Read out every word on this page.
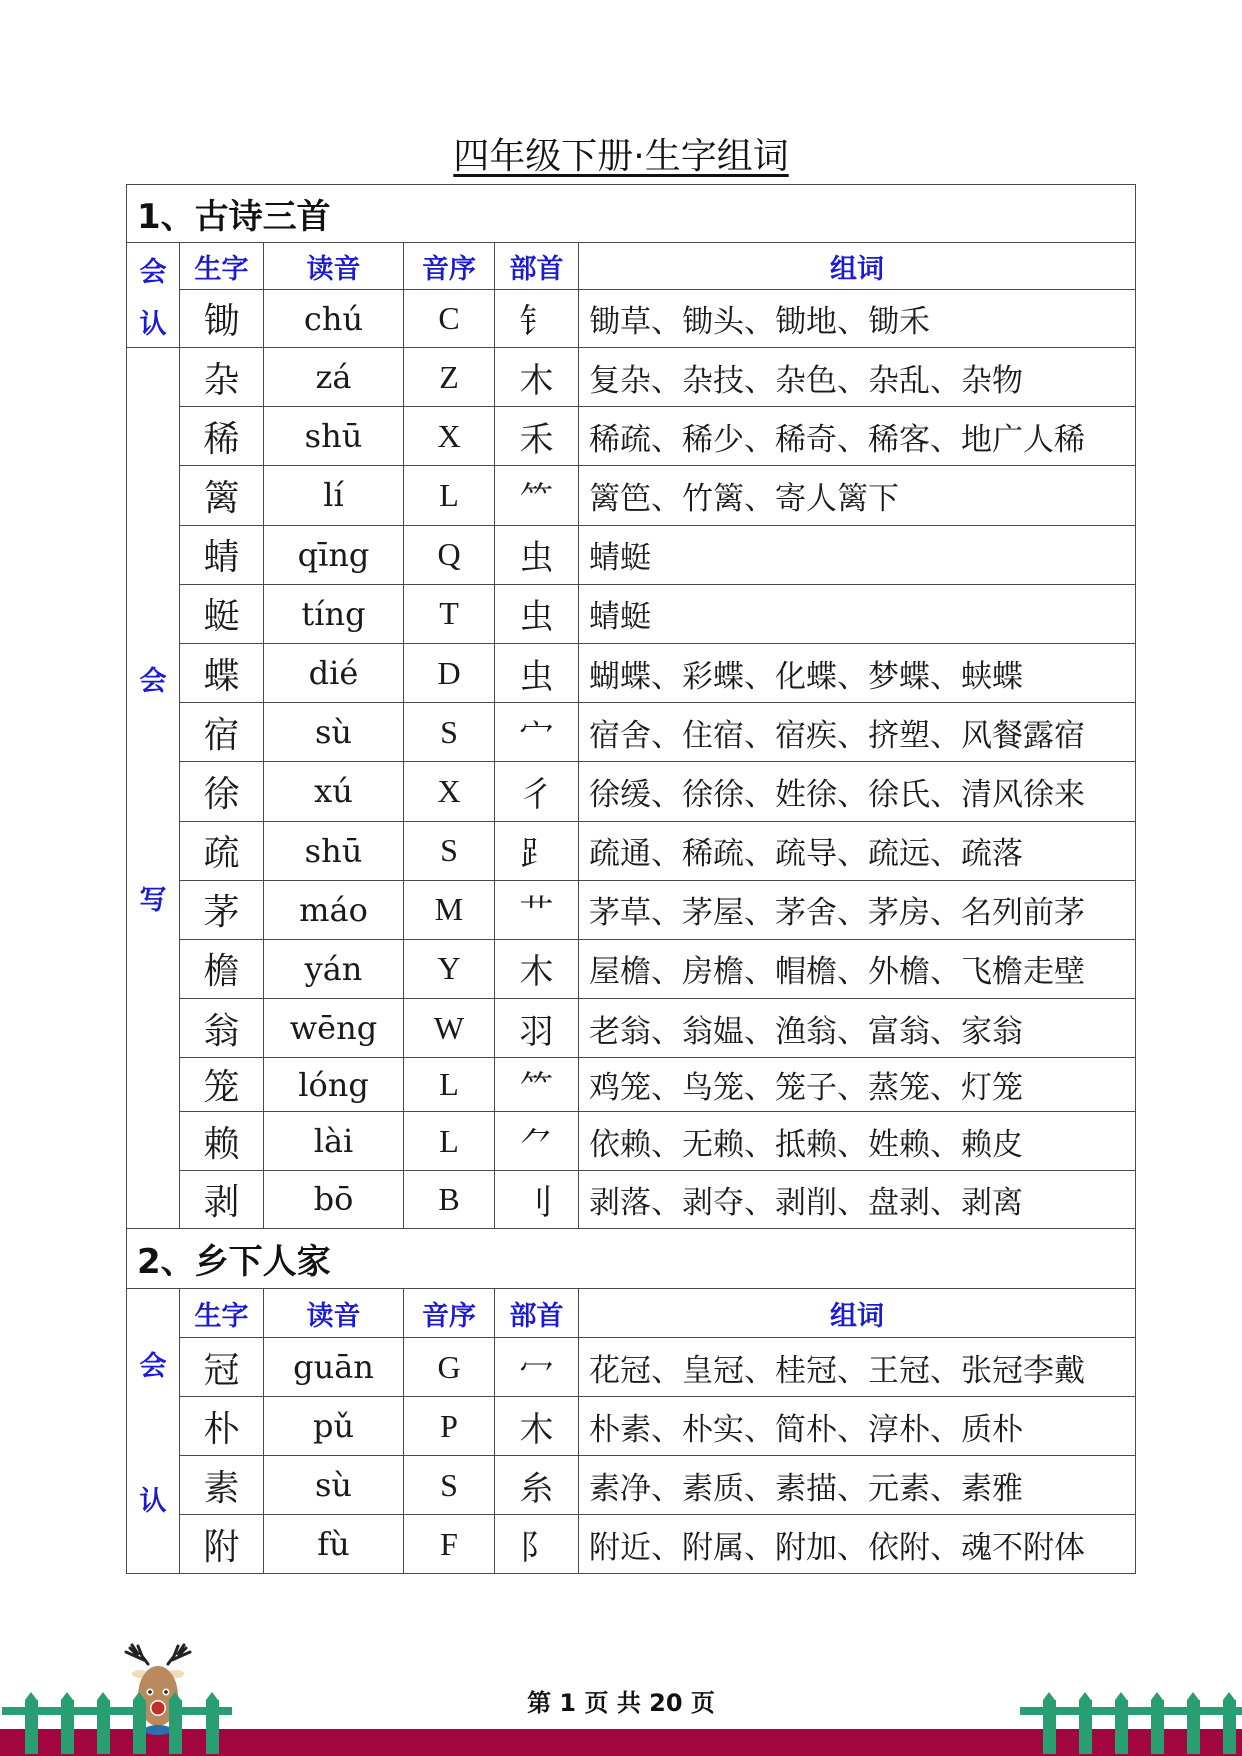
四年级下册·生字组词
1、古诗三首					

会
认	生字	读音	音序	部首	组词
	锄	chú	C	钅	锄草、锄头、锄地、锄禾

会
写	杂	zá	Z	木	复杂、杂技、杂色、杂乱、杂物
	稀	shū	X	禾	稀疏、稀少、稀奇、稀客、地广人稀
	篱	lí	L	⺮	篱笆、竹篱、寄人篱下
	蜻	qīng	Q	虫	蜻蜓
	蜓	tíng	T	虫	蜻蜓
	蝶	dié	D	虫	蝴蝶、彩蝶、化蝶、梦蝶、蛱蝶
	宿	sù	S	宀	宿舍、住宿、宿疾、挤塑、风餐露宿
	徐	xú	X	彳	徐缓、徐徐、姓徐、徐氏、清风徐来
	疏	shū	S	⻊	疏通、稀疏、疏导、疏远、疏落
	茅	máo	M	艹	茅草、茅屋、茅舍、茅房、名列前茅
	檐	yán	Y	木	屋檐、房檐、帽檐、外檐、飞檐走壁
	翁	wēng	W	羽	老翁、翁媪、渔翁、富翁、家翁
	笼	lóng	L	⺮	鸡笼、鸟笼、笼子、蒸笼、灯笼
	赖	lài	L	⺈	依赖、无赖、抵赖、姓赖、赖皮
	剥	bō	B	刂	剥落、剥夺、剥削、盘剥、剥离
2、乡下人家					

会
认	生字	读音	音序	部首	组词
	冠	guān	G	冖	花冠、皇冠、桂冠、王冠、张冠李戴
	朴	pǔ	P	木	朴素、朴实、简朴、淳朴、质朴
	素	sù	S	糸	素净、素质、素描、元素、素雅
	附	fù	F	阝	附近、附属、附加、依附、魂不附体
第 1 页 共 20 页
